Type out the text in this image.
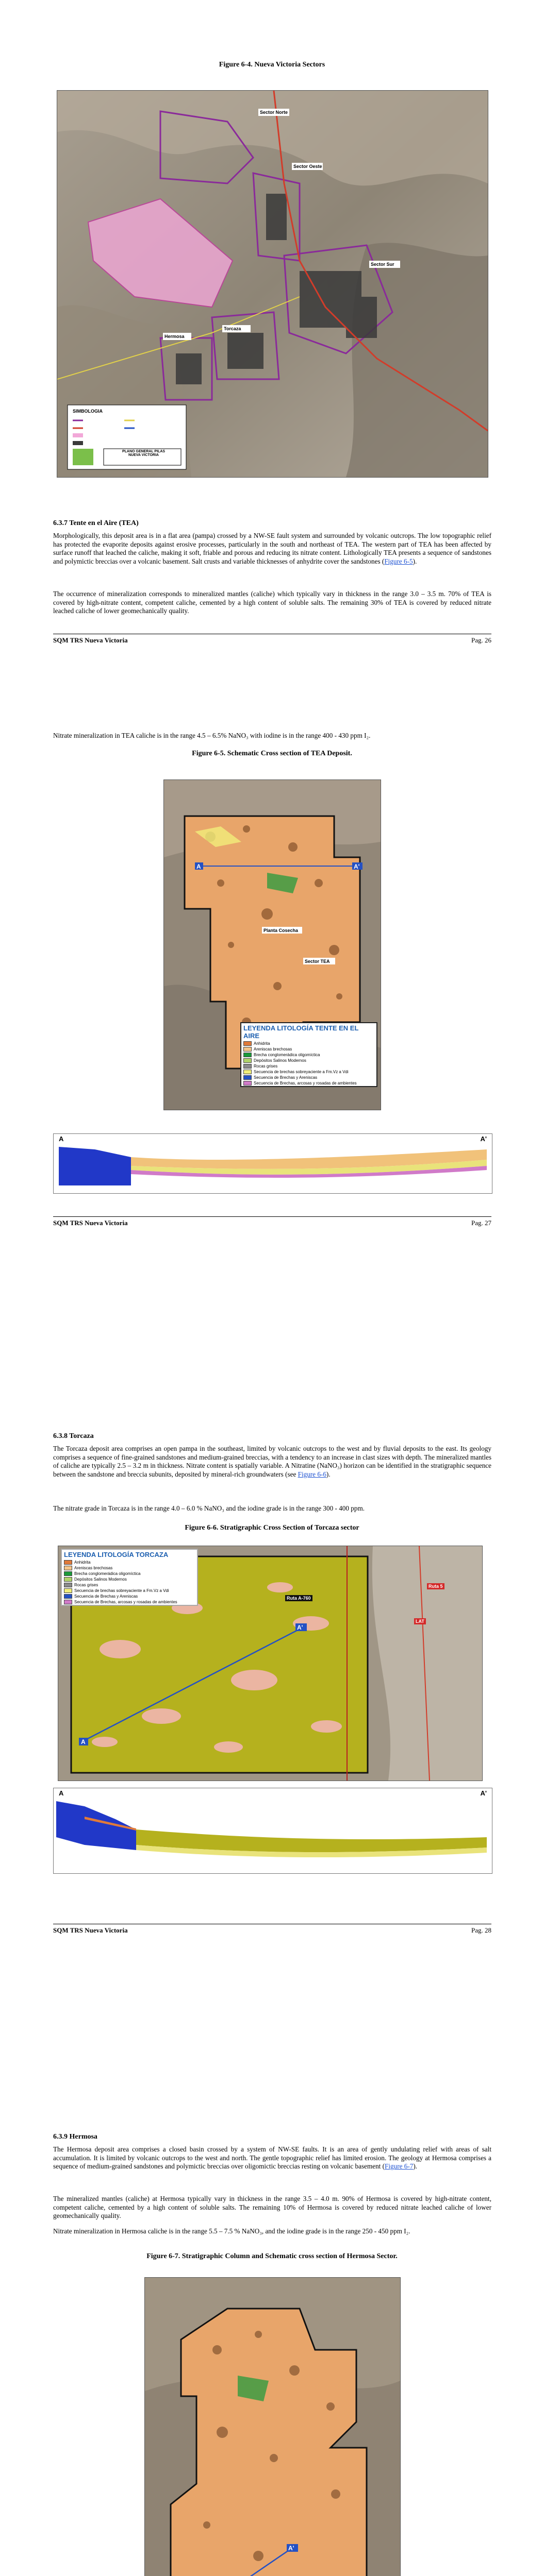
Figure 6-4. Nueva Victoria Sectors
Sector Norte
Sector Oeste
Sector Sur
Torcaza
Hermosa
SIMBOLOGIA
PLANO GENERAL PILAS
NUEVA VICTORIA
6.3.7 Tente en el Aire (TEA)
Morphologically, this deposit area is in a flat area (pampa) crossed by a NW-SE fault system and surrounded by volcanic outcrops. The low topographic relief has protected the evaporite deposits against erosive processes, particularly in the south and northeast of TEA. The western part of TEA has been affected by surface runoff that leached the caliche, making it soft, friable and porous and reducing its nitrate content. Lithologically TEA presents a sequence of sandstones and polymictic breccias over a volcanic basement. Salt crusts and variable thicknesses of anhydrite cover the sandstones (Figure 6-5).
The occurrence of mineralization corresponds to mineralized mantles (caliche) which typically vary in thickness in the range 3.0 – 3.5 m. 70% of TEA is covered by high-nitrate content, competent caliche, cemented by a high content of soluble salts. The remaining 30% of TEA is covered by reduced nitrate leached caliche of lower geomechanically quality.
SQM TRS Nueva Victoria	Pag. 26
Nitrate mineralization in TEA caliche is in the range 4.5 – 6.5% NaNO₃ with iodine is in the range 400 - 430 ppm I₂.
Figure 6-5. Schematic Cross section of TEA Deposit.
A	A'
Planta Cosecha
Sector TEA
LEYENDA LITOLOGÍA TENTE EN EL AIRE
Anhidrita
Areniscas brechosas
Brecha conglomerádica oligomíctica
Depósitos Salinos Modernos
Rocas grises
Secuencia de brechas sobreyaciente a Fm.Vz a Vdi
Secuencia de Brechas y Areniscas
Secuencia de Brechas, arcosas y rosadas de ambientes
A	A'
SQM TRS Nueva Victoria	Pag. 27
6.3.8 Torcaza
The Torcaza deposit area comprises an open pampa in the southeast, limited by volcanic outcrops to the west and by fluvial deposits to the east. Its geology comprises a sequence of fine-grained sandstones and medium-grained breccias, with a tendency to an increase in clast sizes with depth. The mineralized mantles of caliche are typically 2.5 – 3.2 m in thickness. Nitrate content is spatially variable. A Nitratine (NaNO₃) horizon can be identified in the stratigraphic sequence between the sandstone and breccia subunits, deposited by mineral-rich groundwaters (see Figure 6-6).
The nitrate grade in Torcaza is in the range 4.0 – 6.0 % NaNO₃ and the iodine grade is in the range 300 - 400 ppm.
Figure 6-6. Stratigraphic Cross Section of Torcaza sector
A
A'
Ruta A-760
Ruta 5
LAT
LEYENDA LITOLOGÍA TORCAZA
Anhidrita
Areniscas brechosas
Brecha conglomerádica oligomíctica
Depósitos Salinos Modernos
Rocas grises
Secuencia de brechas sobreyaciente a Fm.Vz a Vdi
Secuencia de Brechas y Areniscas
Secuencia de Brechas, arcosas y rosadas de ambientes
A	A'
SQM TRS Nueva Victoria	Pag. 28
6.3.9 Hermosa
The Hermosa deposit area comprises a closed basin crossed by a system of NW-SE faults. It is an area of gently undulating relief with areas of salt accumulation. It is limited by volcanic outcrops to the west and north. The gentle topographic relief has limited erosion. The geology at Hermosa comprises a sequence of medium-grained sandstones and polymictic breccias over oligomictic breccias resting on volcanic basement (Figure 6-7).
The mineralized mantles (caliche) at Hermosa typically vary in thickness in the range 3.5 – 4.0 m. 90% of Hermosa is covered by high-nitrate content, competent caliche, cemented by a high content of soluble salts. The remaining 10% of Hermosa is covered by reduced nitrate leached caliche of lower geomechanically quality.
Nitrate mineralization in Hermosa caliche is in the range 5.5 – 7.5 % NaNO₃, and the iodine grade is in the range 250 - 450 ppm I₂.
Figure 6-7. Stratigraphic Column and Schematic cross section of Hermosa Sector.
A'
